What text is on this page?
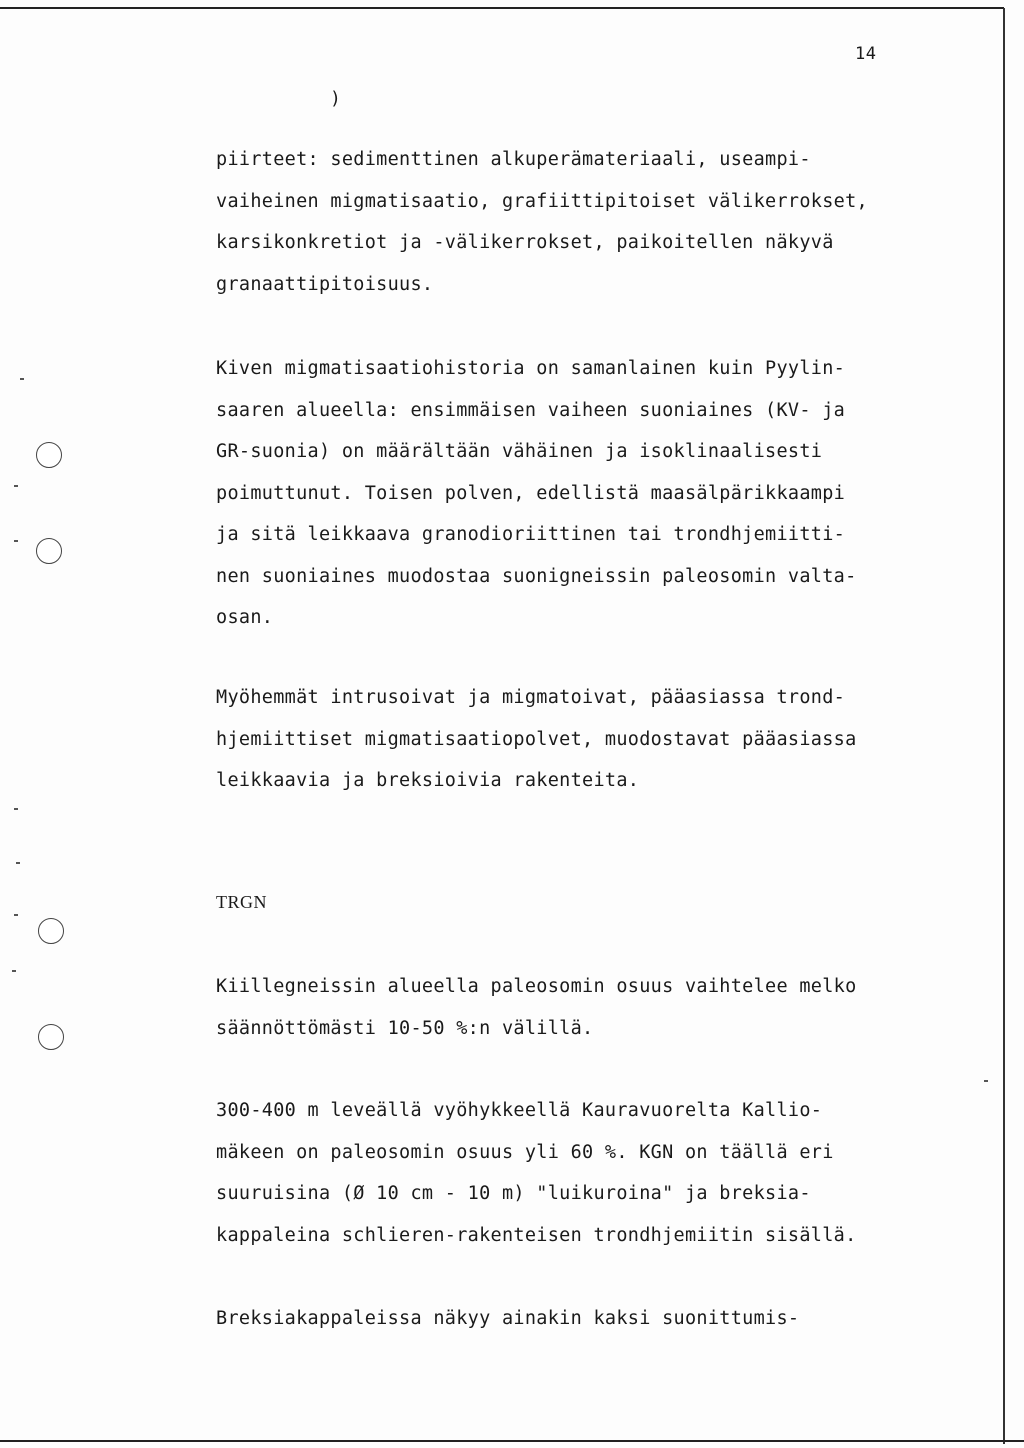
14
)
piirteet: sedimenttinen alkuperämateriaali, useampi-
vaiheinen migmatisaatio, grafiittipitoiset välikerrokset,
karsikonkretiot ja -välikerrokset, paikoitellen näkyvä
granaattipitoisuus.
Kiven migmatisaatiohistoria on samanlainen kuin Pyylin-
saaren alueella: ensimmäisen vaiheen suoniaines (KV- ja
GR-suonia) on määrältään vähäinen ja isoklinaalisesti
poimuttunut. Toisen polven, edellistä maasälpärikkaampi
ja sitä leikkaava granodioriittinen tai trondhjemiitti-
nen suoniaines muodostaa suonigneissin paleosomin valta-
osan.
Myöhemmät intrusoivat ja migmatoivat, pääasiassa trond-
hjemiittiset migmatisaatiopolvet, muodostavat pääasiassa
leikkaavia ja breksioivia rakenteita.
TRGN
Kiillegneissin alueella paleosomin osuus vaihtelee melko
säännöttömästi 10-50 %:n välillä.
300-400 m leveällä vyöhykkeellä Kauravuorelta Kallio-
mäkeen on paleosomin osuus yli 60 %. KGN on täällä eri
suuruisina (Ø 10 cm - 10 m) "luikuroina" ja breksia-
kappaleina schlieren-rakenteisen trondhjemiitin sisällä.
Breksiakappaleissa näkyy ainakin kaksi suonittumis-
